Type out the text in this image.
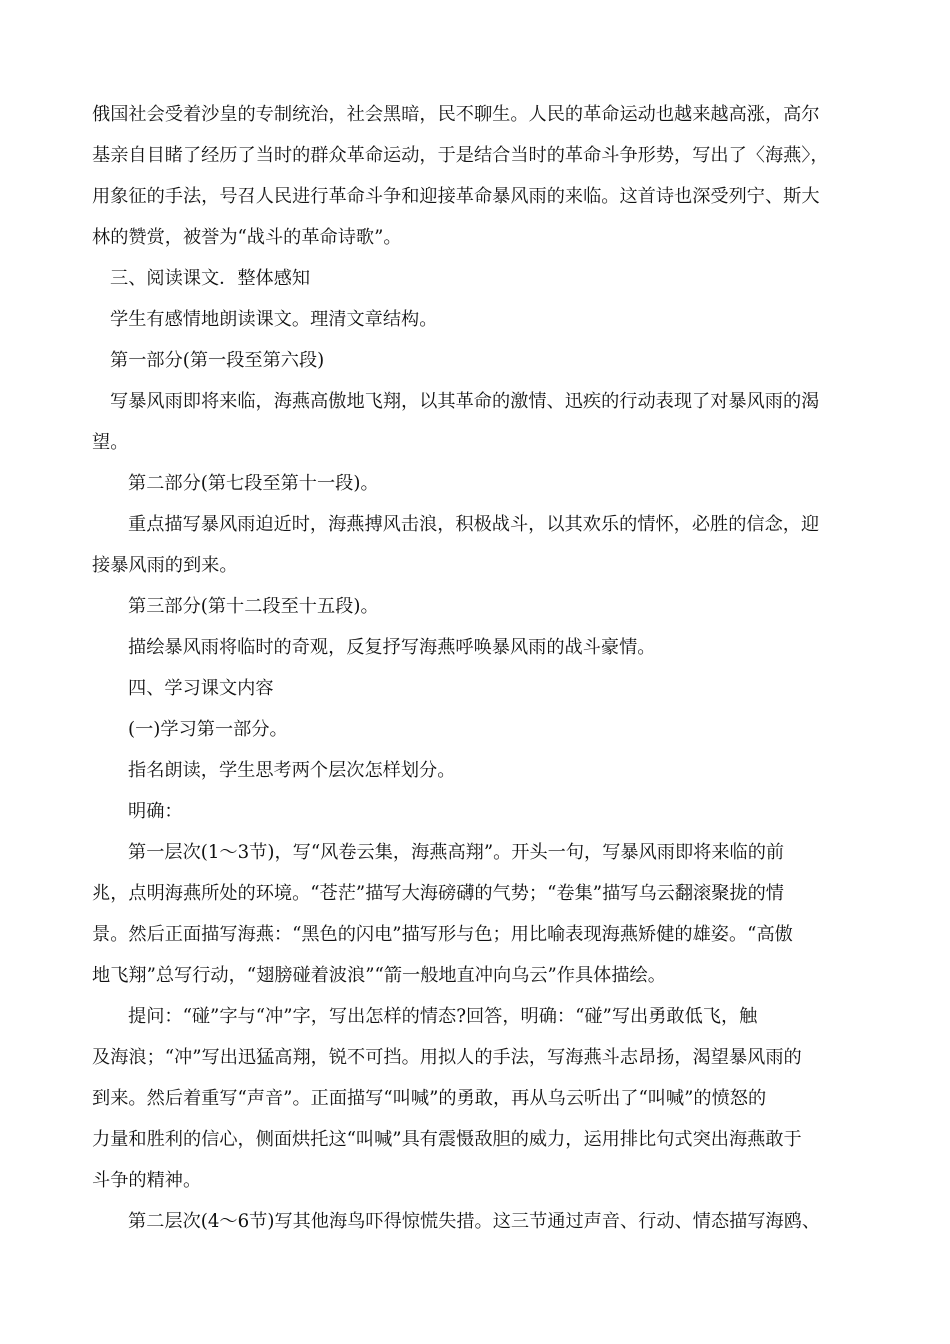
俄国社会受着沙皇的专制统治，社会黑暗，民不聊生。人民的革命运动也越来越高涨，高尔
基亲自目睹了经历了当时的群众革命运动，于是结合当时的革命斗争形势，写出了〈海燕〉，
用象征的手法，号召人民进行革命斗争和迎接革命暴风雨的来临。这首诗也深受列宁、斯大
林的赞赏，被誉为“战斗的革命诗歌”。
三、阅读课文．整体感知
学生有感情地朗读课文。理清文章结构。
第一部分(第一段至第六段)
写暴风雨即将来临，海燕高傲地飞翔，以其革命的激情、迅疾的行动表现了对暴风雨的渴
望。
第二部分(第七段至第十一段)。
重点描写暴风雨迫近时，海燕搏风击浪，积极战斗，以其欢乐的情怀，必胜的信念，迎
接暴风雨的到来。
第三部分(第十二段至十五段)。
描绘暴风雨将临时的奇观，反复抒写海燕呼唤暴风雨的战斗豪情。
四、学习课文内容
(一)学习第一部分。
指名朗读，学生思考两个层次怎样划分。
明确：
第一层次(1～3节)，写“风卷云集，海燕高翔”。开头一句，写暴风雨即将来临的前
兆，点明海燕所处的环境。“苍茫”描写大海磅礴的气势；“卷集”描写乌云翻滚聚拢的情
景。然后正面描写海燕：“黑色的闪电”描写形与色；用比喻表现海燕矫健的雄姿。“高傲
地飞翔”总写行动，“翅膀碰着波浪”“箭一般地直冲向乌云”作具体描绘。
提问：“碰”字与“冲”字，写出怎样的情态?回答，明确：“碰”写出勇敢低飞，触
及海浪；“冲”写出迅猛高翔，锐不可挡。用拟人的手法，写海燕斗志昂扬，渴望暴风雨的
到来。然后着重写“声音”。正面描写“叫喊”的勇敢，再从乌云听出了“叫喊”的愤怒的
力量和胜利的信心，侧面烘托这“叫喊”具有震慑敌胆的威力，运用排比句式突出海燕敢于
斗争的精神。
第二层次(4～6节)写其他海鸟吓得惊慌失措。这三节通过声音、行动、情态描写海鸥、
